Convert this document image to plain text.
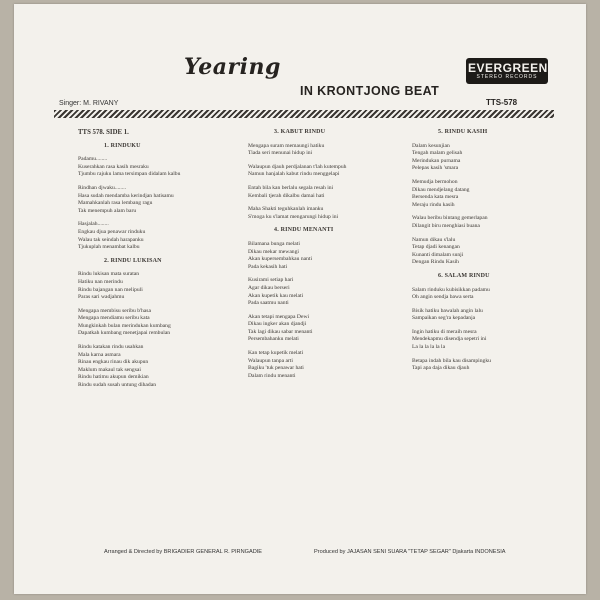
Yearing
IN KRONTJONG BEAT
Singer: M. RIVANY
EVERGREEN
STEREO RECORDS
TTS-578
TTS 578. SIDE 1.
1. RINDUKU
Padamu........
Kuserahkan rasa kasih mesraku
Tjumbu rajuku lama tersimpan didalam kalbu
Rindhan djwaku........
Hasa sudah mendamba kerindjan hatisamu
Mamahkanlah rasa lembang ragu
Tak menempuh alam baru
Hasjalah........
Engkau djua penawar rinduku
Walau tak seindah harapanku
Tjukuplah menambat kalbu
2. RINDU LUKISAN
Rindu lukisan mata suratan
Hatiku nan merindu
Rindu bajangan nan melipuli
Paras sari wadjahmu
Mengapa membisu seribu b'hasa
Mengapa mendiamu seribu kata
Mungkinkah bulan merindukan kumbang
Dapatkah kumbang menetjapai rembulan
Rindu katakan rindu usahkan
Mala karna asmara
Rinau engkau rinau dik akupun
Maklum makaul tak sengsai
Rindu hatimu akupun demikian
Rindu sudah susah untung dihadan
3. KABUT RINDU
Mengapa suram memaungi hatiku
Tiada seri menunai hidup ini
Walaupun djauh perdjalanan t'lah kutempuh
Namun hanjalah kabut rindu menggelapi
Entah bila kan berlalu segala resah ini
Kembali tjerah dikalbu damai hati
Maha Shakti teguhkanlah imanku
S'moga ku s'lamat mengarungi hidup ini
4. RINDU MENANTI
Bilamana bunga melati
Dikau mekar mewangi
Akan kupersembahkau nanti
Pada kekasih hati
Kusirami setiap hari
Agar dikau berseri
Akan kupetik kau melati
Pada saatmu nanti
Akan tetapi mengapa Dewi
Dikau ingker akan djandji
Tak lagi dikau sabar menanti
Persembahanku melati
Kan tetap kupetik melati
Walaupun tanpa arti
Bagiku 'tuk penawar hati
Dalam rindu menanti
5. RINDU KASIH
Dalam kesunjian
Tengah malam gelisah
Merindukan purnama
Pelepas kasih 'smara
Memudja bermohon
Dikau mendjelang datang
Bersenda kata mesra
Meraju rindu kasih
Walau beribu bintang gemerlapan
Dilangit biru menghiasi buana
Namun dikau s'lalu
Tetap djadi kenangan
Kunanti dimalam sunji
Dengan Rindu Kasih
6. SALAM RINDU
Salam rinduku kubisikkan padamu
Oh angin sendja bawa serta
Bisik hatiku bawalah angin lalu
Sampaikan seg'ra kepadanja
Ingin hatiku di meraih mesra
Mendekapmu disendja sepetri ini
La la la la la la
Betapa indah bila kau disampingku
Tapi apa daja dikau djauh
Arranged & Directed by BRIGADIER GENERAL R. PIRNGADIE	Produced by JAJASAN SENI SUARA "TETAP SEGAR" Djakarta INDONESIA
